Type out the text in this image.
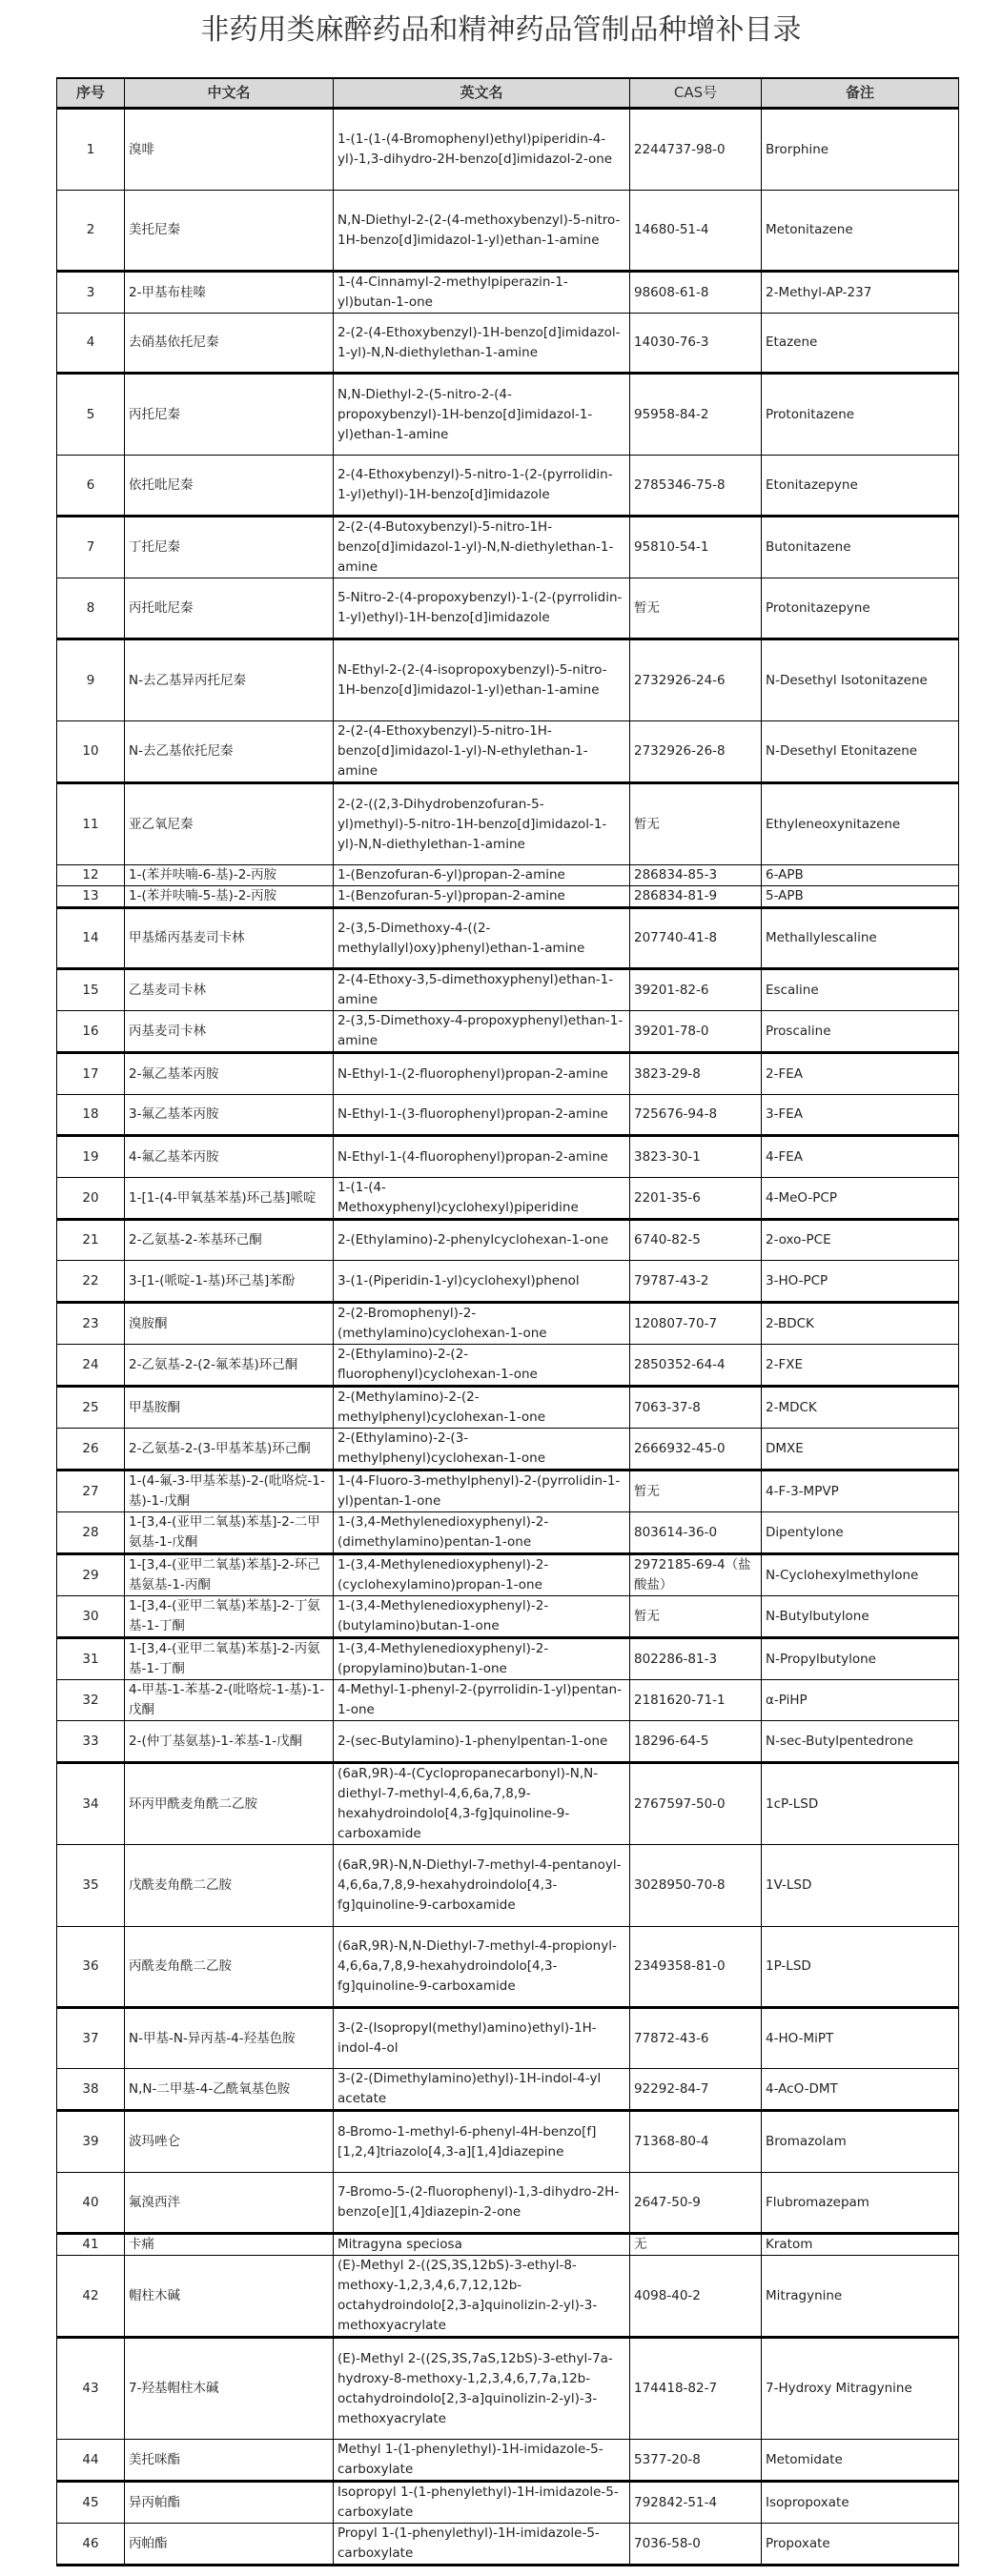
非药用类麻醉药品和精神药品管制品种增补目录
序号	中文名	英文名	CAS号	备注
1	溴啡	1-(1-(1-(4-Bromophenyl)ethyl)piperidin-4-yl)-1,3-dihydro-2H-benzo[d]imidazol-2-one	2244737-98-0	Brorphine
2	美托尼秦	N,N-Diethyl-2-(2-(4-methoxybenzyl)-5-nitro-1H-benzo[d]imidazol-1-yl)ethan-1-amine	14680-51-4	Metonitazene
3	2-甲基布桂嗪	1-(4-Cinnamyl-2-methylpiperazin-1-yl)butan-1-one	98608-61-8	2-Methyl-AP-237
4	去硝基依托尼秦	2-(2-(4-Ethoxybenzyl)-1H-benzo[d]imidazol-1-yl)-N,N-diethylethan-1-amine	14030-76-3	Etazene
5	丙托尼秦	N,N-Diethyl-2-(5-nitro-2-(4-propoxybenzyl)-1H-benzo[d]imidazol-1-yl)ethan-1-amine	95958-84-2	Protonitazene
6	依托吡尼秦	2-(4-Ethoxybenzyl)-5-nitro-1-(2-(pyrrolidin-1-yl)ethyl)-1H-benzo[d]imidazole	2785346-75-8	Etonitazepyne
7	丁托尼秦	2-(2-(4-Butoxybenzyl)-5-nitro-1H-benzo[d]imidazol-1-yl)-N,N-diethylethan-1-amine	95810-54-1	Butonitazene
8	丙托吡尼秦	5-Nitro-2-(4-propoxybenzyl)-1-(2-(pyrrolidin-1-yl)ethyl)-1H-benzo[d]imidazole	暂无	Protonitazepyne
9	N-去乙基异丙托尼秦	N-Ethyl-2-(2-(4-isopropoxybenzyl)-5-nitro-1H-benzo[d]imidazol-1-yl)ethan-1-amine	2732926-24-6	N-Desethyl Isotonitazene
10	N-去乙基依托尼秦	2-(2-(4-Ethoxybenzyl)-5-nitro-1H-benzo[d]imidazol-1-yl)-N-ethylethan-1-amine	2732926-26-8	N-Desethyl Etonitazene
11	亚乙氧尼秦	2-(2-((2,3-Dihydrobenzofuran-5-yl)methyl)-5-nitro-1H-benzo[d]imidazol-1-yl)-N,N-diethylethan-1-amine	暂无	Ethyleneoxynitazene
12	1-(苯并呋喃-6-基)-2-丙胺	1-(Benzofuran-6-yl)propan-2-amine	286834-85-3	6-APB
13	1-(苯并呋喃-5-基)-2-丙胺	1-(Benzofuran-5-yl)propan-2-amine	286834-81-9	5-APB
14	甲基烯丙基麦司卡林	2-(3,5-Dimethoxy-4-((2-methylallyl)oxy)phenyl)ethan-1-amine	207740-41-8	Methallylescaline
15	乙基麦司卡林	2-(4-Ethoxy-3,5-dimethoxyphenyl)ethan-1-amine	39201-82-6	Escaline
16	丙基麦司卡林	2-(3,5-Dimethoxy-4-propoxyphenyl)ethan-1-amine	39201-78-0	Proscaline
17	2-氟乙基苯丙胺	N-Ethyl-1-(2-fluorophenyl)propan-2-amine	3823-29-8	2-FEA
18	3-氟乙基苯丙胺	N-Ethyl-1-(3-fluorophenyl)propan-2-amine	725676-94-8	3-FEA
19	4-氟乙基苯丙胺	N-Ethyl-1-(4-fluorophenyl)propan-2-amine	3823-30-1	4-FEA
20	1-[1-(4-甲氧基苯基)环己基]哌啶	1-(1-(4-Methoxyphenyl)cyclohexyl)piperidine	2201-35-6	4-MeO-PCP
21	2-乙氨基-2-苯基环己酮	2-(Ethylamino)-2-phenylcyclohexan-1-one	6740-82-5	2-oxo-PCE
22	3-[1-(哌啶-1-基)环己基]苯酚	3-(1-(Piperidin-1-yl)cyclohexyl)phenol	79787-43-2	3-HO-PCP
23	溴胺酮	2-(2-Bromophenyl)-2-(methylamino)cyclohexan-1-one	120807-70-7	2-BDCK
24	2-乙氨基-2-(2-氟苯基)环己酮	2-(Ethylamino)-2-(2-fluorophenyl)cyclohexan-1-one	2850352-64-4	2-FXE
25	甲基胺酮	2-(Methylamino)-2-(2-methylphenyl)cyclohexan-1-one	7063-37-8	2-MDCK
26	2-乙氨基-2-(3-甲基苯基)环己酮	2-(Ethylamino)-2-(3-methylphenyl)cyclohexan-1-one	2666932-45-0	DMXE
27	1-(4-氟-3-甲基苯基)-2-(吡咯烷-1-基)-1-戊酮	1-(4-Fluoro-3-methylphenyl)-2-(pyrrolidin-1-yl)pentan-1-one	暂无	4-F-3-MPVP
28	1-[3,4-(亚甲二氧基)苯基]-2-二甲氨基-1-戊酮	1-(3,4-Methylenedioxyphenyl)-2-(dimethylamino)pentan-1-one	803614-36-0	Dipentylone
29	1-[3,4-(亚甲二氧基)苯基]-2-环己基氨基-1-丙酮	1-(3,4-Methylenedioxyphenyl)-2-(cyclohexylamino)propan-1-one	2972185-69-4（盐酸盐）	N-Cyclohexylmethylone
30	1-[3,4-(亚甲二氧基)苯基]-2-丁氨基-1-丁酮	1-(3,4-Methylenedioxyphenyl)-2-(butylamino)butan-1-one	暂无	N-Butylbutylone
31	1-[3,4-(亚甲二氧基)苯基]-2-丙氨基-1-丁酮	1-(3,4-Methylenedioxyphenyl)-2-(propylamino)butan-1-one	802286-81-3	N-Propylbutylone
32	4-甲基-1-苯基-2-(吡咯烷-1-基)-1-戊酮	4-Methyl-1-phenyl-2-(pyrrolidin-1-yl)pentan-1-one	2181620-71-1	α-PiHP
33	2-(仲丁基氨基)-1-苯基-1-戊酮	2-(sec-Butylamino)-1-phenylpentan-1-one	18296-64-5	N-sec-Butylpentedrone
34	环丙甲酰麦角酰二乙胺	(6aR,9R)-4-(Cyclopropanecarbonyl)-N,N-diethyl-7-methyl-4,6,6a,7,8,9-hexahydroindolo[4,3-fg]quinoline-9-carboxamide	2767597-50-0	1cP-LSD
35	戊酰麦角酰二乙胺	(6aR,9R)-N,N-Diethyl-7-methyl-4-pentanoyl-4,6,6a,7,8,9-hexahydroindolo[4,3-fg]quinoline-9-carboxamide	3028950-70-8	1V-LSD
36	丙酰麦角酰二乙胺	(6aR,9R)-N,N-Diethyl-7-methyl-4-propionyl-4,6,6a,7,8,9-hexahydroindolo[4,3-fg]quinoline-9-carboxamide	2349358-81-0	1P-LSD
37	N-甲基-N-异丙基-4-羟基色胺	3-(2-(Isopropyl(methyl)amino)ethyl)-1H-indol-4-ol	77872-43-6	4-HO-MiPT
38	N,N-二甲基-4-乙酰氧基色胺	3-(2-(Dimethylamino)ethyl)-1H-indol-4-yl acetate	92292-84-7	4-AcO-DMT
39	波玛唑仑	8-Bromo-1-methyl-6-phenyl-4H-benzo[f][1,2,4]triazolo[4,3-a][1,4]diazepine	71368-80-4	Bromazolam
40	氟溴西泮	7-Bromo-5-(2-fluorophenyl)-1,3-dihydro-2H-benzo[e][1,4]diazepin-2-one	2647-50-9	Flubromazepam
41	卡痛	Mitragyna speciosa	无	Kratom
42	帽柱木碱	(E)-Methyl 2-((2S,3S,12bS)-3-ethyl-8-methoxy-1,2,3,4,6,7,12,12b-octahydroindolo[2,3-a]quinolizin-2-yl)-3-methoxyacrylate	4098-40-2	Mitragynine
43	7-羟基帽柱木碱	(E)-Methyl 2-((2S,3S,7aS,12bS)-3-ethyl-7a-hydroxy-8-methoxy-1,2,3,4,6,7,7a,12b-octahydroindolo[2,3-a]quinolizin-2-yl)-3-methoxyacrylate	174418-82-7	7-Hydroxy Mitragynine
44	美托咪酯	Methyl 1-(1-phenylethyl)-1H-imidazole-5-carboxylate	5377-20-8	Metomidate
45	异丙帕酯	Isopropyl 1-(1-phenylethyl)-1H-imidazole-5-carboxylate	792842-51-4	Isopropoxate
46	丙帕酯	Propyl 1-(1-phenylethyl)-1H-imidazole-5-carboxylate	7036-58-0	Propoxate
